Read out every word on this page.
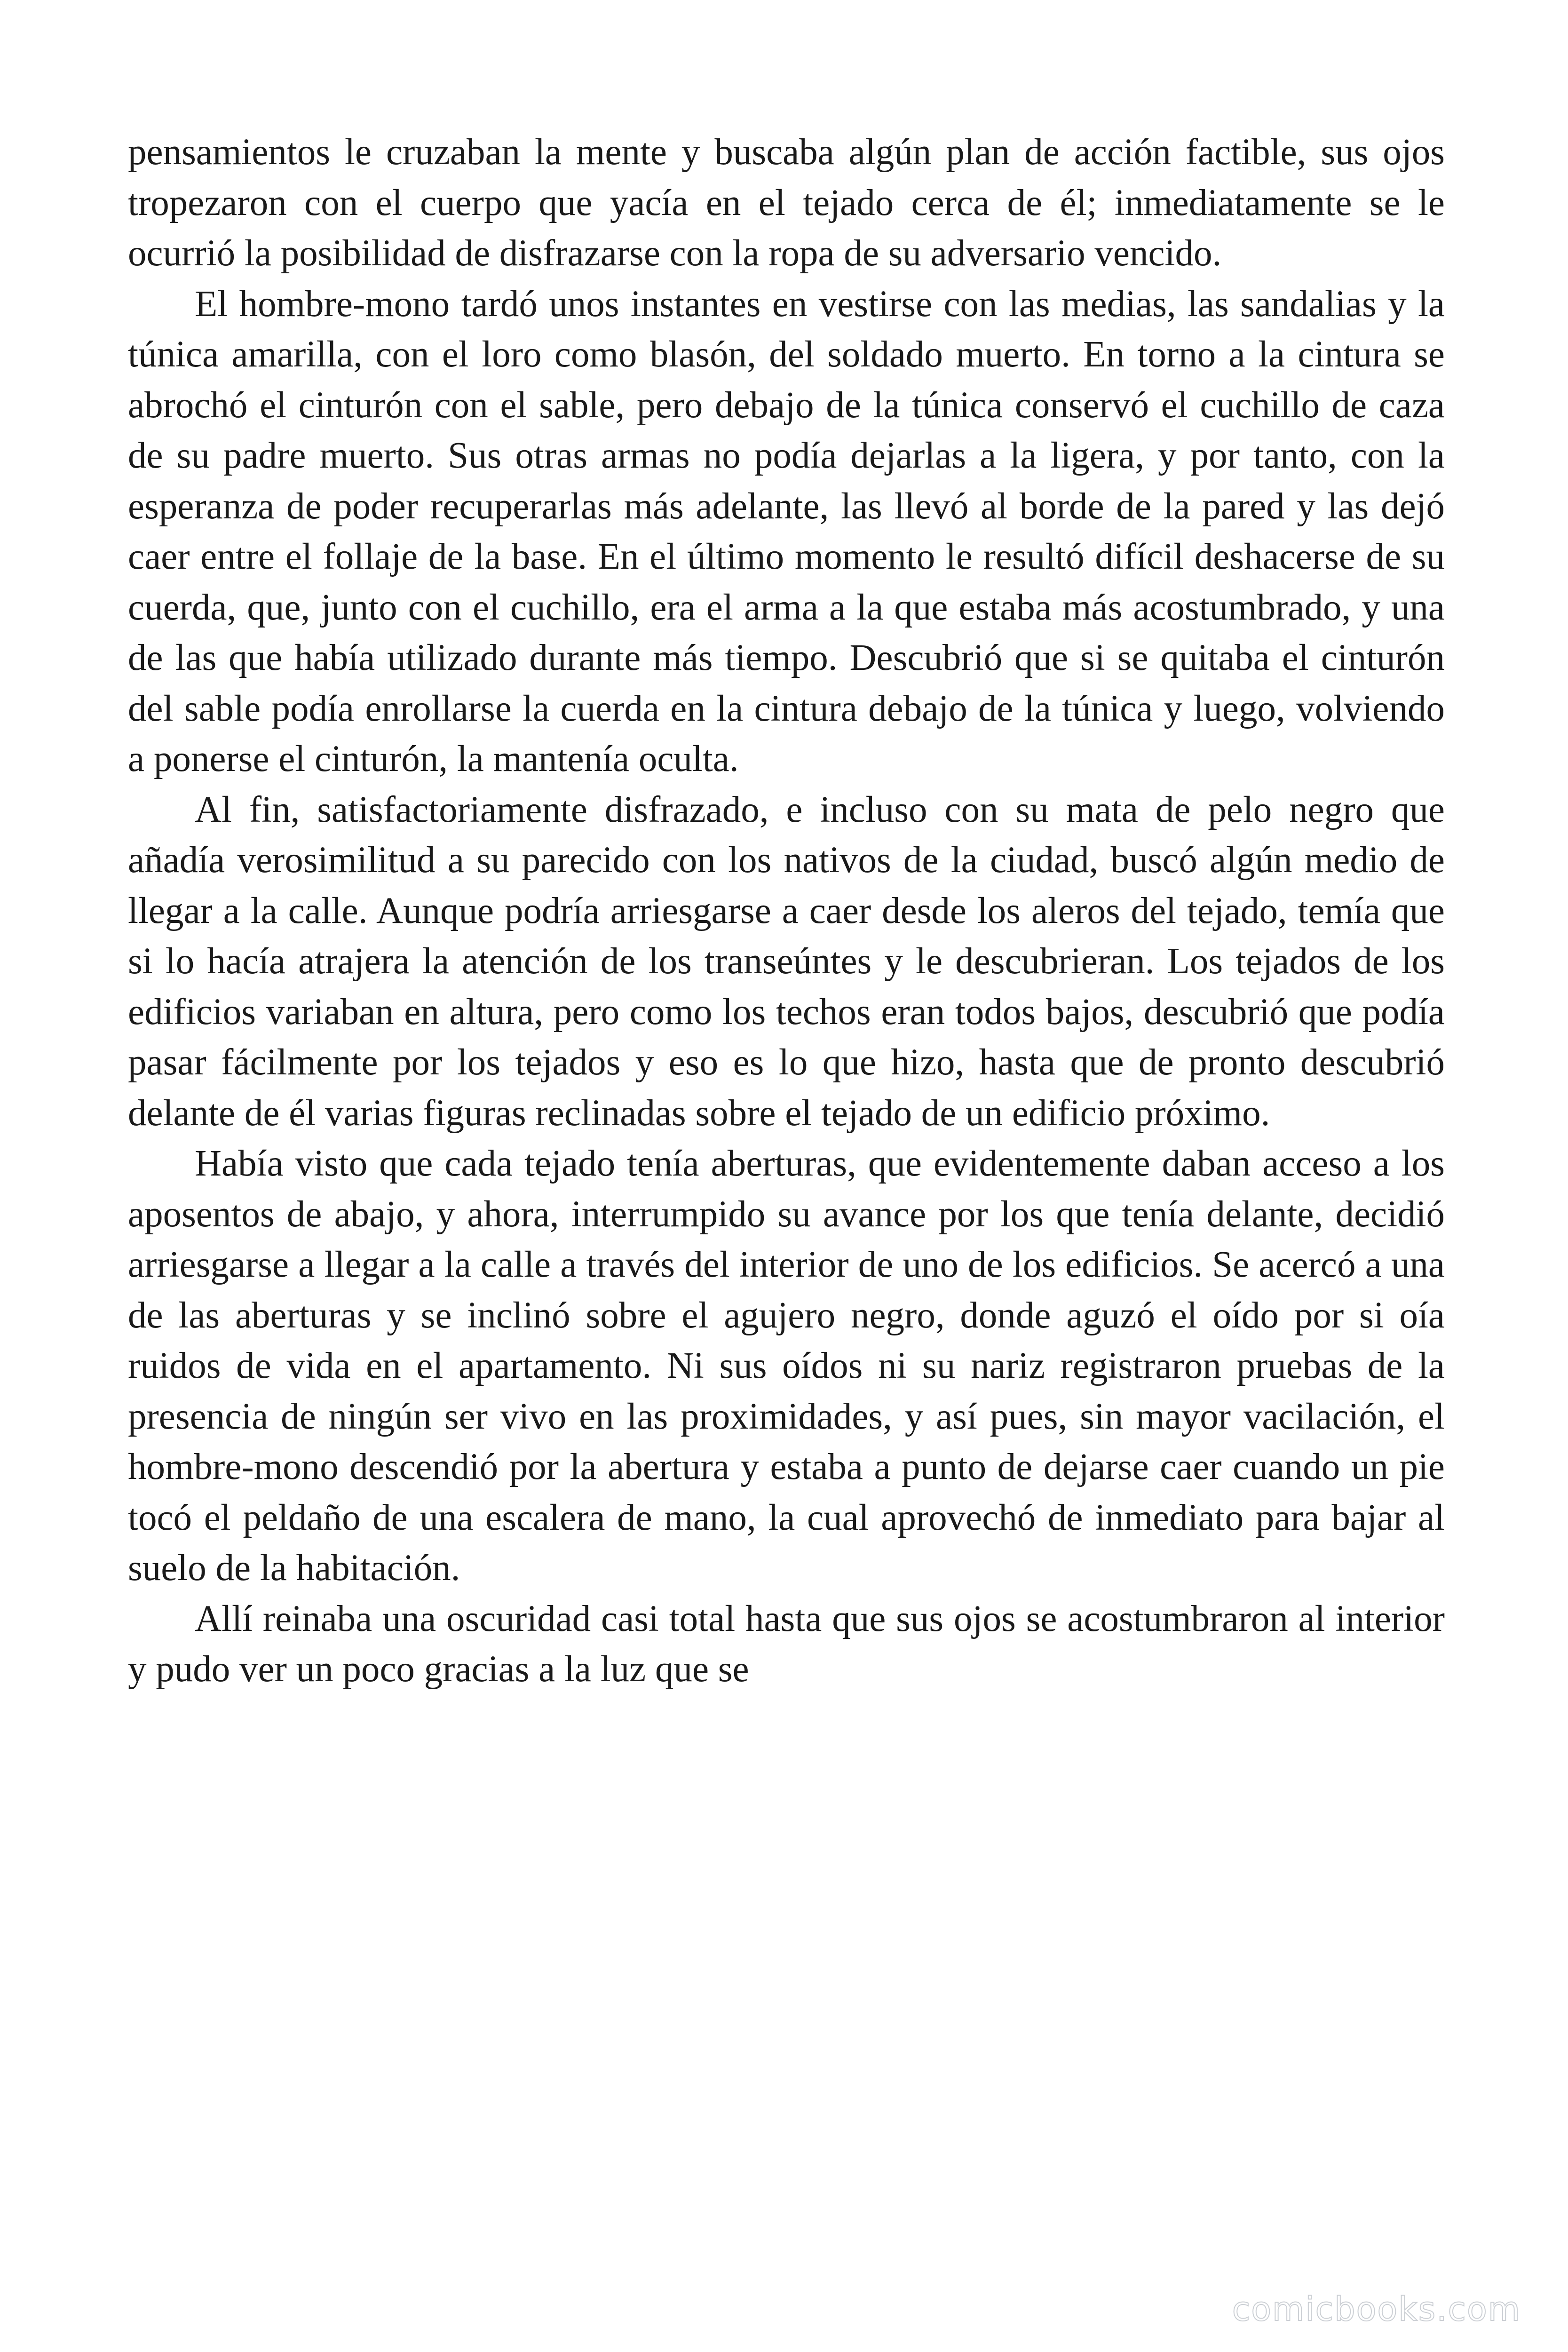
pensamientos le cruzaban la mente y buscaba algún plan de acción factible, sus ojos tropezaron con el cuerpo que yacía en el tejado cerca de él; inmediatamente se le ocurrió la posibilidad de disfrazarse con la ropa de su adversario vencido.

El hombre-mono tardó unos instantes en vestirse con las medias, las sandalias y la túnica amarilla, con el loro como blasón, del soldado muerto. En torno a la cintura se abrochó el cinturón con el sable, pero debajo de la túnica conservó el cuchillo de caza de su padre muerto. Sus otras armas no podía dejarlas a la ligera, y por tanto, con la esperanza de poder recuperarlas más adelante, las llevó al borde de la pared y las dejó caer entre el follaje de la base. En el último momento le resultó difícil deshacerse de su cuerda, que, junto con el cuchillo, era el arma a la que estaba más acostumbrado, y una de las que había utilizado durante más tiempo. Descubrió que si se quitaba el cinturón del sable podía enrollarse la cuerda en la cintura debajo de la túnica y luego, volviendo a ponerse el cinturón, la mantenía oculta.

Al fin, satisfactoriamente disfrazado, e incluso con su mata de pelo negro que añadía verosimilitud a su parecido con los nativos de la ciudad, buscó algún medio de llegar a la calle. Aunque podría arriesgarse a caer desde los aleros del tejado, temía que si lo hacía atrajera la atención de los transeúntes y le descubrieran. Los tejados de los edificios variaban en altura, pero como los techos eran todos bajos, descubrió que podía pasar fácilmente por los tejados y eso es lo que hizo, hasta que de pronto descubrió delante de él varias figuras reclinadas sobre el tejado de un edificio próximo.

Había visto que cada tejado tenía aberturas, que evidentemente daban acceso a los aposentos de abajo, y ahora, interrumpido su avance por los que tenía delante, decidió arriesgarse a llegar a la calle a través del interior de uno de los edificios. Se acercó a una de las aberturas y se inclinó sobre el agujero negro, donde aguzó el oído por si oía ruidos de vida en el apartamento. Ni sus oídos ni su nariz registraron pruebas de la presencia de ningún ser vivo en las proximidades, y así pues, sin mayor vacilación, el hombre-mono descendió por la abertura y estaba a punto de dejarse caer cuando un pie tocó el peldaño de una escalera de mano, la cual aprovechó de inmediato para bajar al suelo de la habitación.

Allí reinaba una oscuridad casi total hasta que sus ojos se acostumbraron al interior y pudo ver un poco gracias a la luz que se

comicbooks.com
